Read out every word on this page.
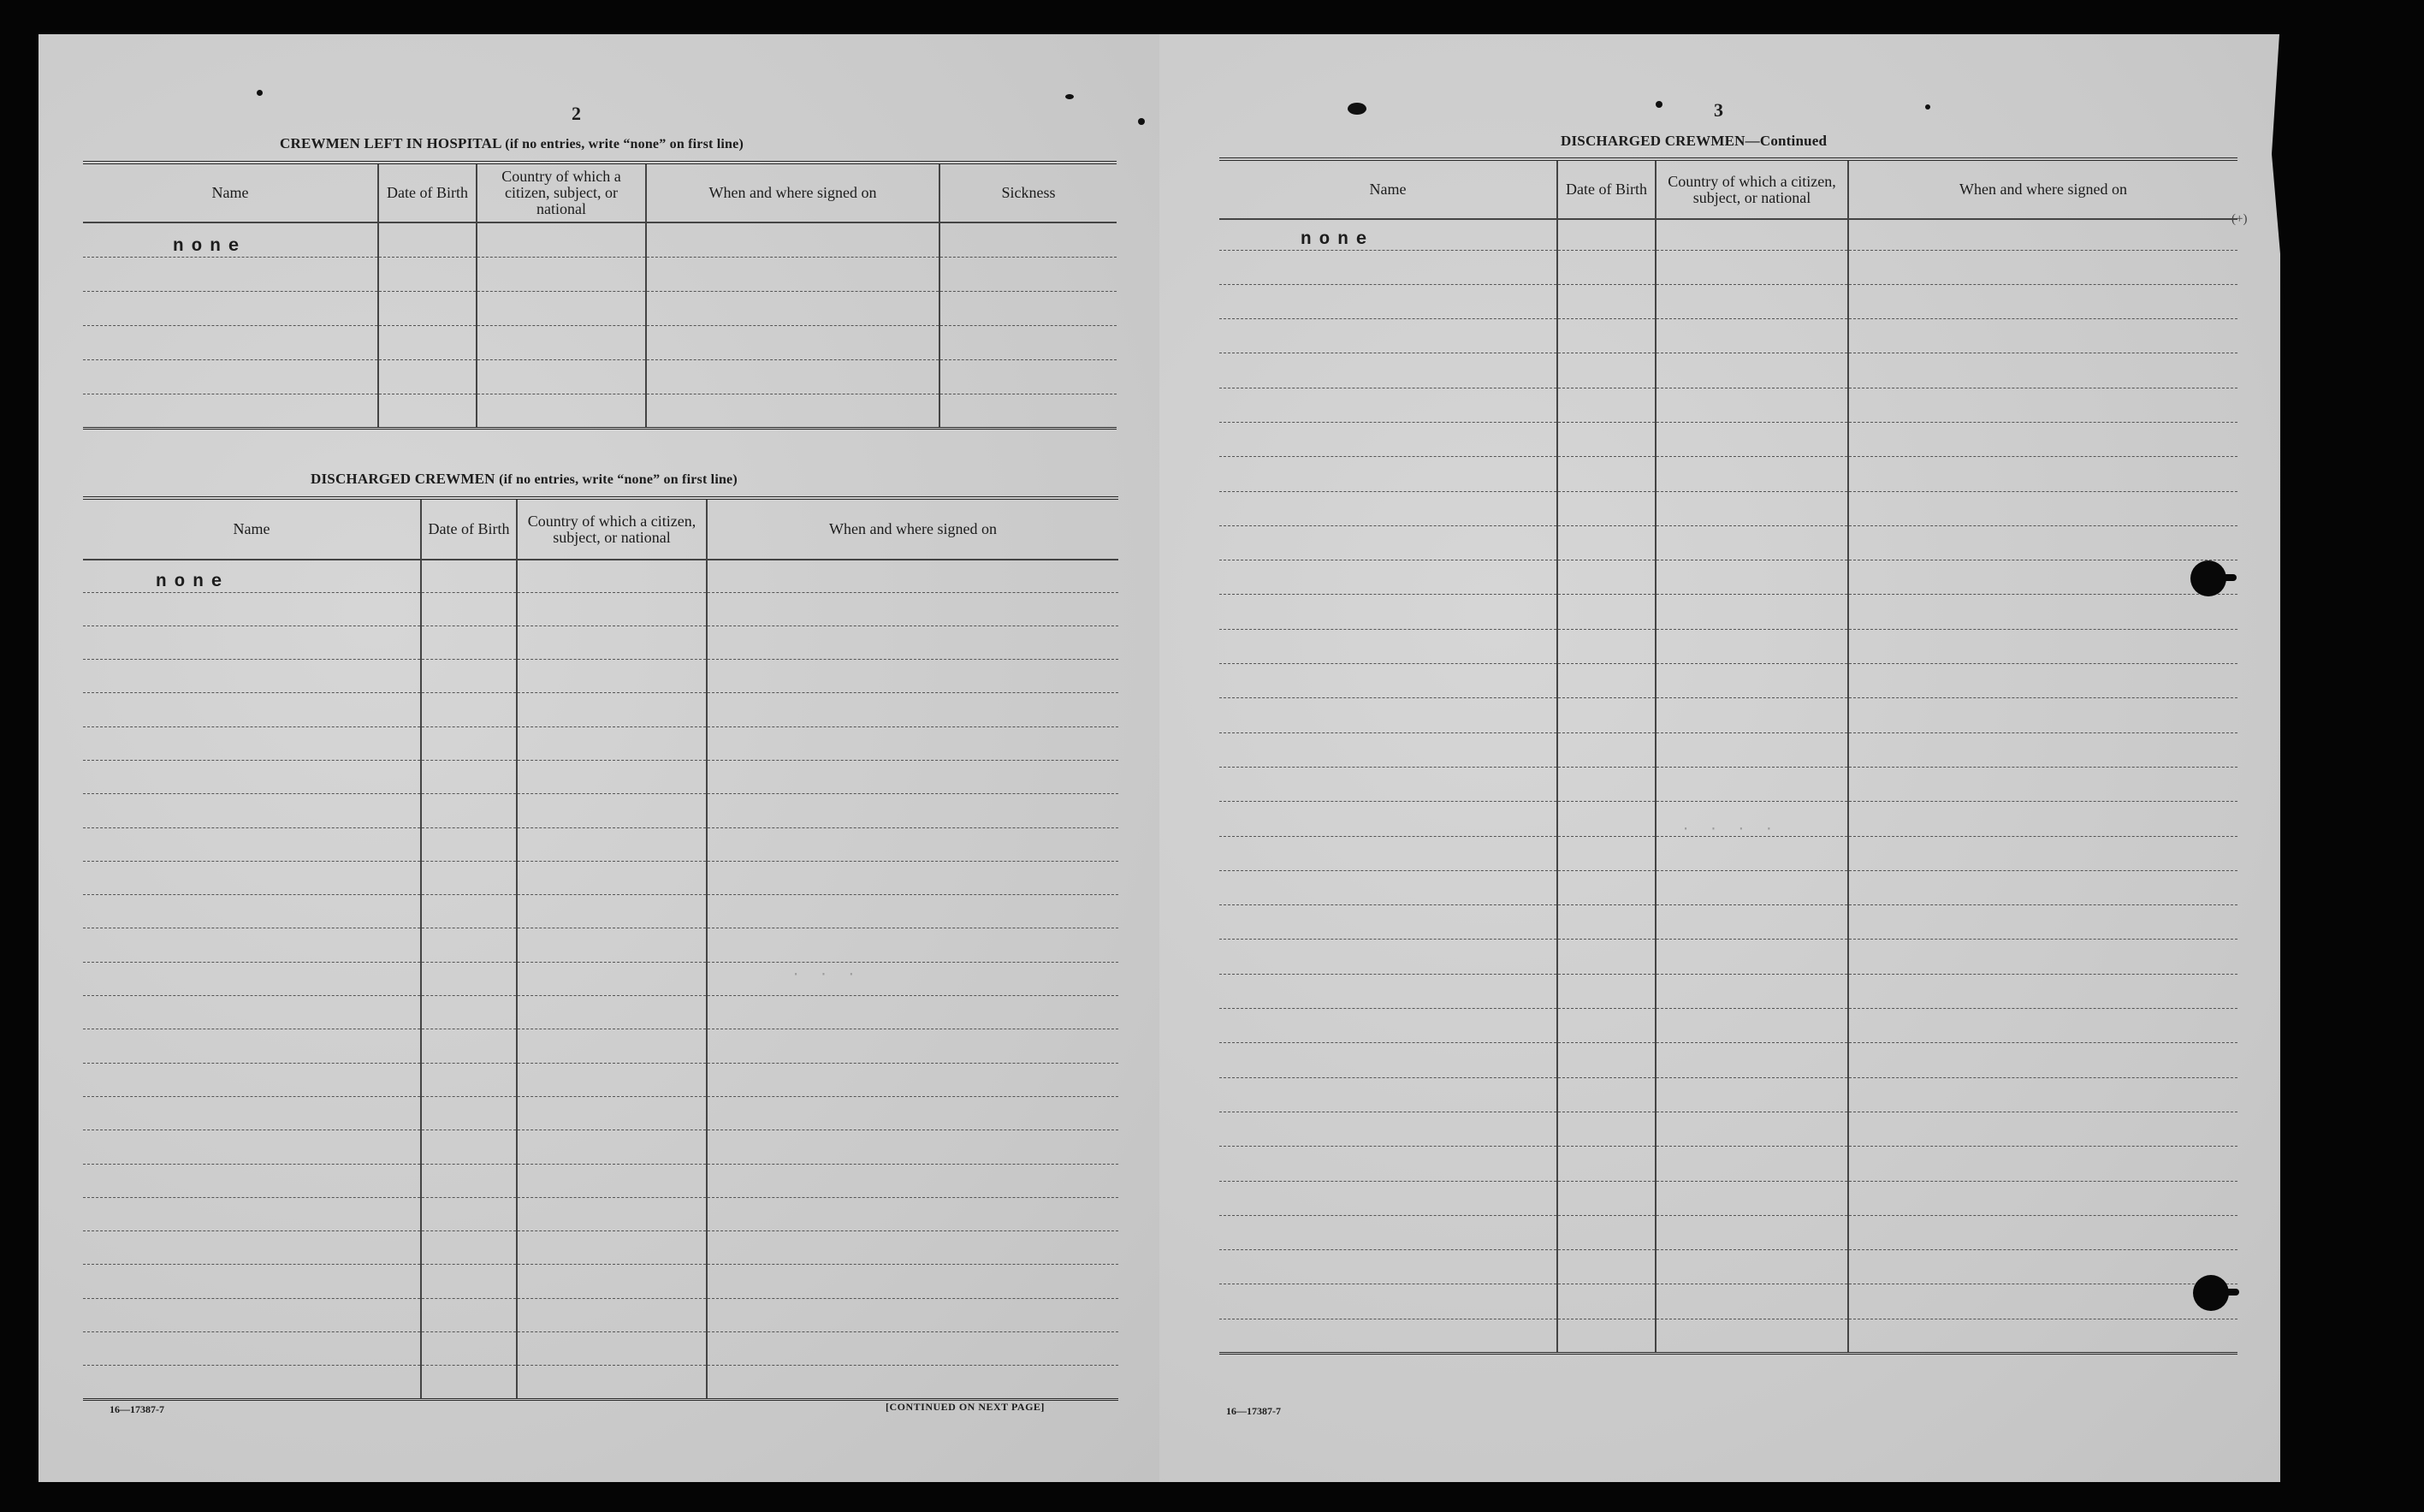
2
CREWMEN LEFT IN HOSPITAL (if no entries, write “none” on first line)
Name	Date of Birth	Country of which a citizen, subject, or national	When and where signed on	Sickness
none				

DISCHARGED CREWMEN (if no entries, write “none” on first line)
Name	Date of Birth	Country of which a citizen, subject, or national	When and where signed on
none			

16—17387-7	[CONTINUED ON NEXT PAGE]
· · ·
3
DISCHARGED CREWMEN—Continued
Name	Date of Birth	Country of which a citizen, subject, or national	When and where signed on
none			

16—17387-7
(+)
· · · ·
